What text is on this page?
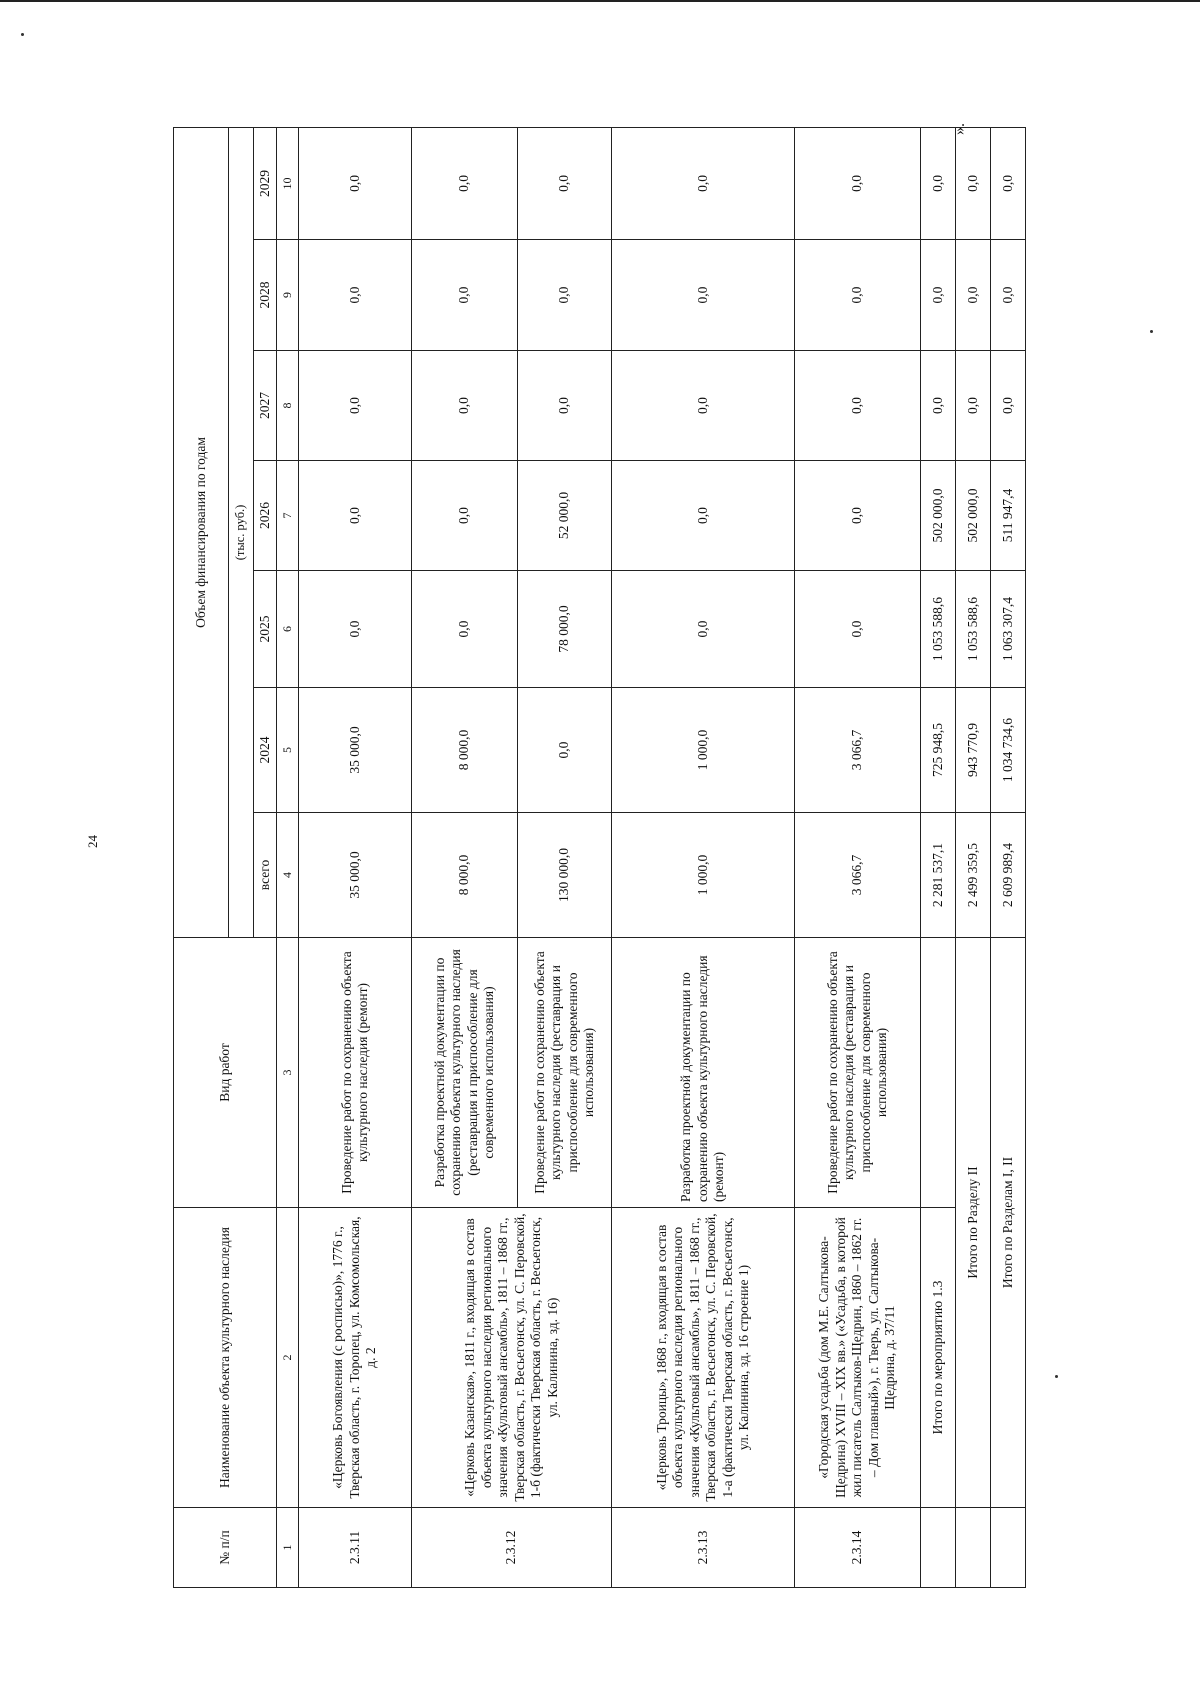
24
».
№ п/п	Наименование объекта культурного наследия	Вид работ	Объем финансирования по годам						
			(тыс. руб.)						
			всего	2024	2025	2026	2027	2028	2029
1	2	3	4	5	6	7	8	9	10
2.3.11	«Церковь Богоявления (с росписью)», 1776 г., Тверская область, г. Торопец, ул. Комсомольская, д. 2	Проведение работ по сохранению объекта культурного наследия (ремонт)	35 000,0	35 000,0	0,0	0,0	0,0	0,0	0,0
2.3.12	«Церковь Казанская», 1811 г., входящая в состав объекта культурного наследия регионального значения «Культовый ансамбль», 1811 – 1868 гг., Тверская область, г. Весьегонск, ул. С. Перовской, 1-б (фактически Тверская область, г. Весьегонск, ул. Калинина, зд. 16)	Разработка проектной документации по сохранению объекта культурного наследия (реставрация и приспособление для современного использования)	8 000,0	8 000,0	0,0	0,0	0,0	0,0	0,0
		Проведение работ по сохранению объекта культурного наследия (реставрация и приспособление для современного использования)	130 000,0	0,0	78 000,0	52 000,0	0,0	0,0	0,0
2.3.13	«Церковь Троицы», 1868 г., входящая в состав объекта культурного наследия регионального значения «Культовый ансамбль», 1811 – 1868 гг., Тверская область, г. Весьегонск, ул. С. Перовской, 1-а (фактически Тверская область, г. Весьегонск, ул. Калинина, зд. 16 строение 1)	Разработка проектной документации по сохранению объекта культурного наследия (ремонт)	1 000,0	1 000,0	0,0	0,0	0,0	0,0	0,0
2.3.14	«Городская усадьба (дом М.Е. Салтыкова-Щедрина) XVIII – XIX вв.» («Усадьба, в которой жил писатель Салтыков-Щедрин, 1860 – 1862 гг. – Дом главный»), г. Тверь, ул. Салтыкова-Щедрина, д. 37/11	Проведение работ по сохранению объекта культурного наследия (реставрация и приспособление для современного использования)	3 066,7	3 066,7	0,0	0,0	0,0	0,0	0,0
	Итого по мероприятию 1.3		2 281 537,1	725 948,5	1 053 588,6	502 000,0	0,0	0,0	0,0
	Итого по Разделу II		2 499 359,5	943 770,9	1 053 588,6	502 000,0	0,0	0,0	0,0
	Итого по Разделам I, II		2 609 989,4	1 034 734,6	1 063 307,4	511 947,4	0,0	0,0	0,0
